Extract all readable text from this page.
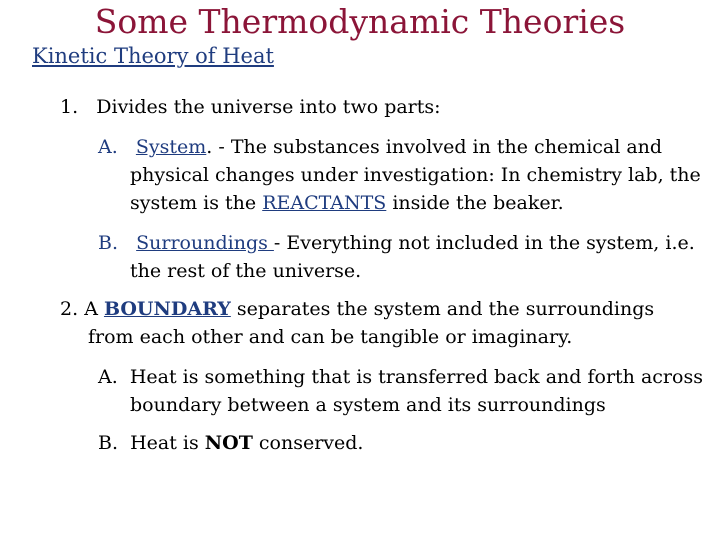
Some Thermodynamic Theories
Kinetic Theory of Heat
1. Divides the universe into two parts:
A. System. - The substances involved in the chemical and
physical changes under investigation: In chemistry lab, the
system is the REACTANTS inside the beaker.
B. Surroundings - Everything not included in the system, i.e.
the rest of the universe.
2. A BOUNDARY separates the system and the surroundings
from each other and can be tangible or imaginary.
A. Heat is something that is transferred back and forth across
boundary between a system and its surroundings
B. Heat is NOT conserved.
